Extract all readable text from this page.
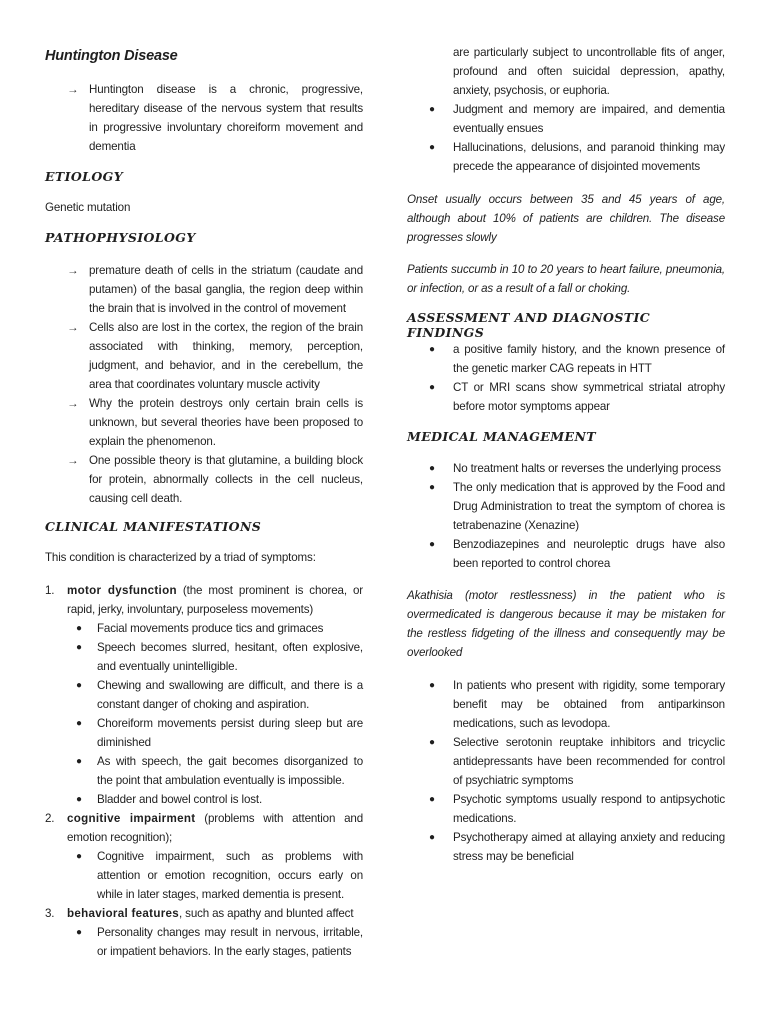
Huntington Disease
→ Huntington disease is a chronic, progressive, hereditary disease of the nervous system that results in progressive involuntary choreiform movement and dementia
ETIOLOGY
Genetic mutation
PATHOPHYSIOLOGY
→ premature death of cells in the striatum (caudate and putamen) of the basal ganglia, the region deep within the brain that is involved in the control of movement
→ Cells also are lost in the cortex, the region of the brain associated with thinking, memory, perception, judgment, and behavior, and in the cerebellum, the area that coordinates voluntary muscle activity
→ Why the protein destroys only certain brain cells is unknown, but several theories have been proposed to explain the phenomenon.
→ One possible theory is that glutamine, a building block for protein, abnormally collects in the cell nucleus, causing cell death.
CLINICAL MANIFESTATIONS
This condition is characterized by a triad of symptoms:
1. motor dysfunction (the most prominent is chorea, or rapid, jerky, involuntary, purposeless movements)
● Facial movements produce tics and grimaces
● Speech becomes slurred, hesitant, often explosive, and eventually unintelligible.
● Chewing and swallowing are difficult, and there is a constant danger of choking and aspiration.
● Choreiform movements persist during sleep but are diminished
● As with speech, the gait becomes disorganized to the point that ambulation eventually is impossible.
● Bladder and bowel control is lost.
2. cognitive impairment (problems with attention and emotion recognition);
● Cognitive impairment, such as problems with attention or emotion recognition, occurs early on while in later stages, marked dementia is present.
3. behavioral features, such as apathy and blunted affect
● Personality changes may result in nervous, irritable, or impatient behaviors. In the early stages, patients
are particularly subject to uncontrollable fits of anger, profound and often suicidal depression, apathy, anxiety, psychosis, or euphoria.
● Judgment and memory are impaired, and dementia eventually ensues
● Hallucinations, delusions, and paranoid thinking may precede the appearance of disjointed movements
Onset usually occurs between 35 and 45 years of age, although about 10% of patients are children. The disease progresses slowly
Patients succumb in 10 to 20 years to heart failure, pneumonia, or infection, or as a result of a fall or choking.
ASSESSMENT AND DIAGNOSTIC FINDINGS
● a positive family history, and the known presence of the genetic marker CAG repeats in HTT
● CT or MRI scans show symmetrical striatal atrophy before motor symptoms appear
MEDICAL MANAGEMENT
● No treatment halts or reverses the underlying process
● The only medication that is approved by the Food and Drug Administration to treat the symptom of chorea is tetrabenazine (Xenazine)
● Benzodiazepines and neuroleptic drugs have also been reported to control chorea
Akathisia (motor restlessness) in the patient who is overmedicated is dangerous because it may be mistaken for the restless fidgeting of the illness and consequently may be overlooked
● In patients who present with rigidity, some temporary benefit may be obtained from antiparkinson medications, such as levodopa.
● Selective serotonin reuptake inhibitors and tricyclic antidepressants have been recommended for control of psychiatric symptoms
● Psychotic symptoms usually respond to antipsychotic medications.
● Psychotherapy aimed at allaying anxiety and reducing stress may be beneficial
